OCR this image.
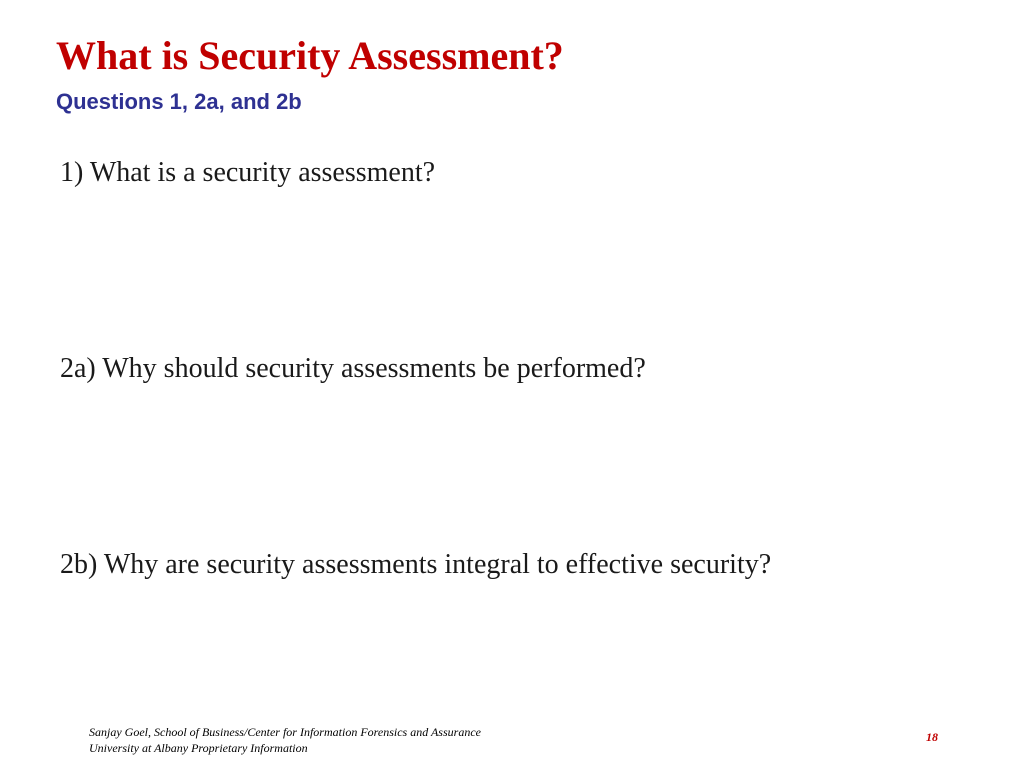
What is Security Assessment?
Questions 1, 2a, and 2b
1) What is a security assessment?
2a) Why should security assessments be performed?
2b) Why are security assessments integral to effective security?
Sanjay Goel, School of Business/Center for Information Forensics and Assurance
University at Albany Proprietary Information
18
